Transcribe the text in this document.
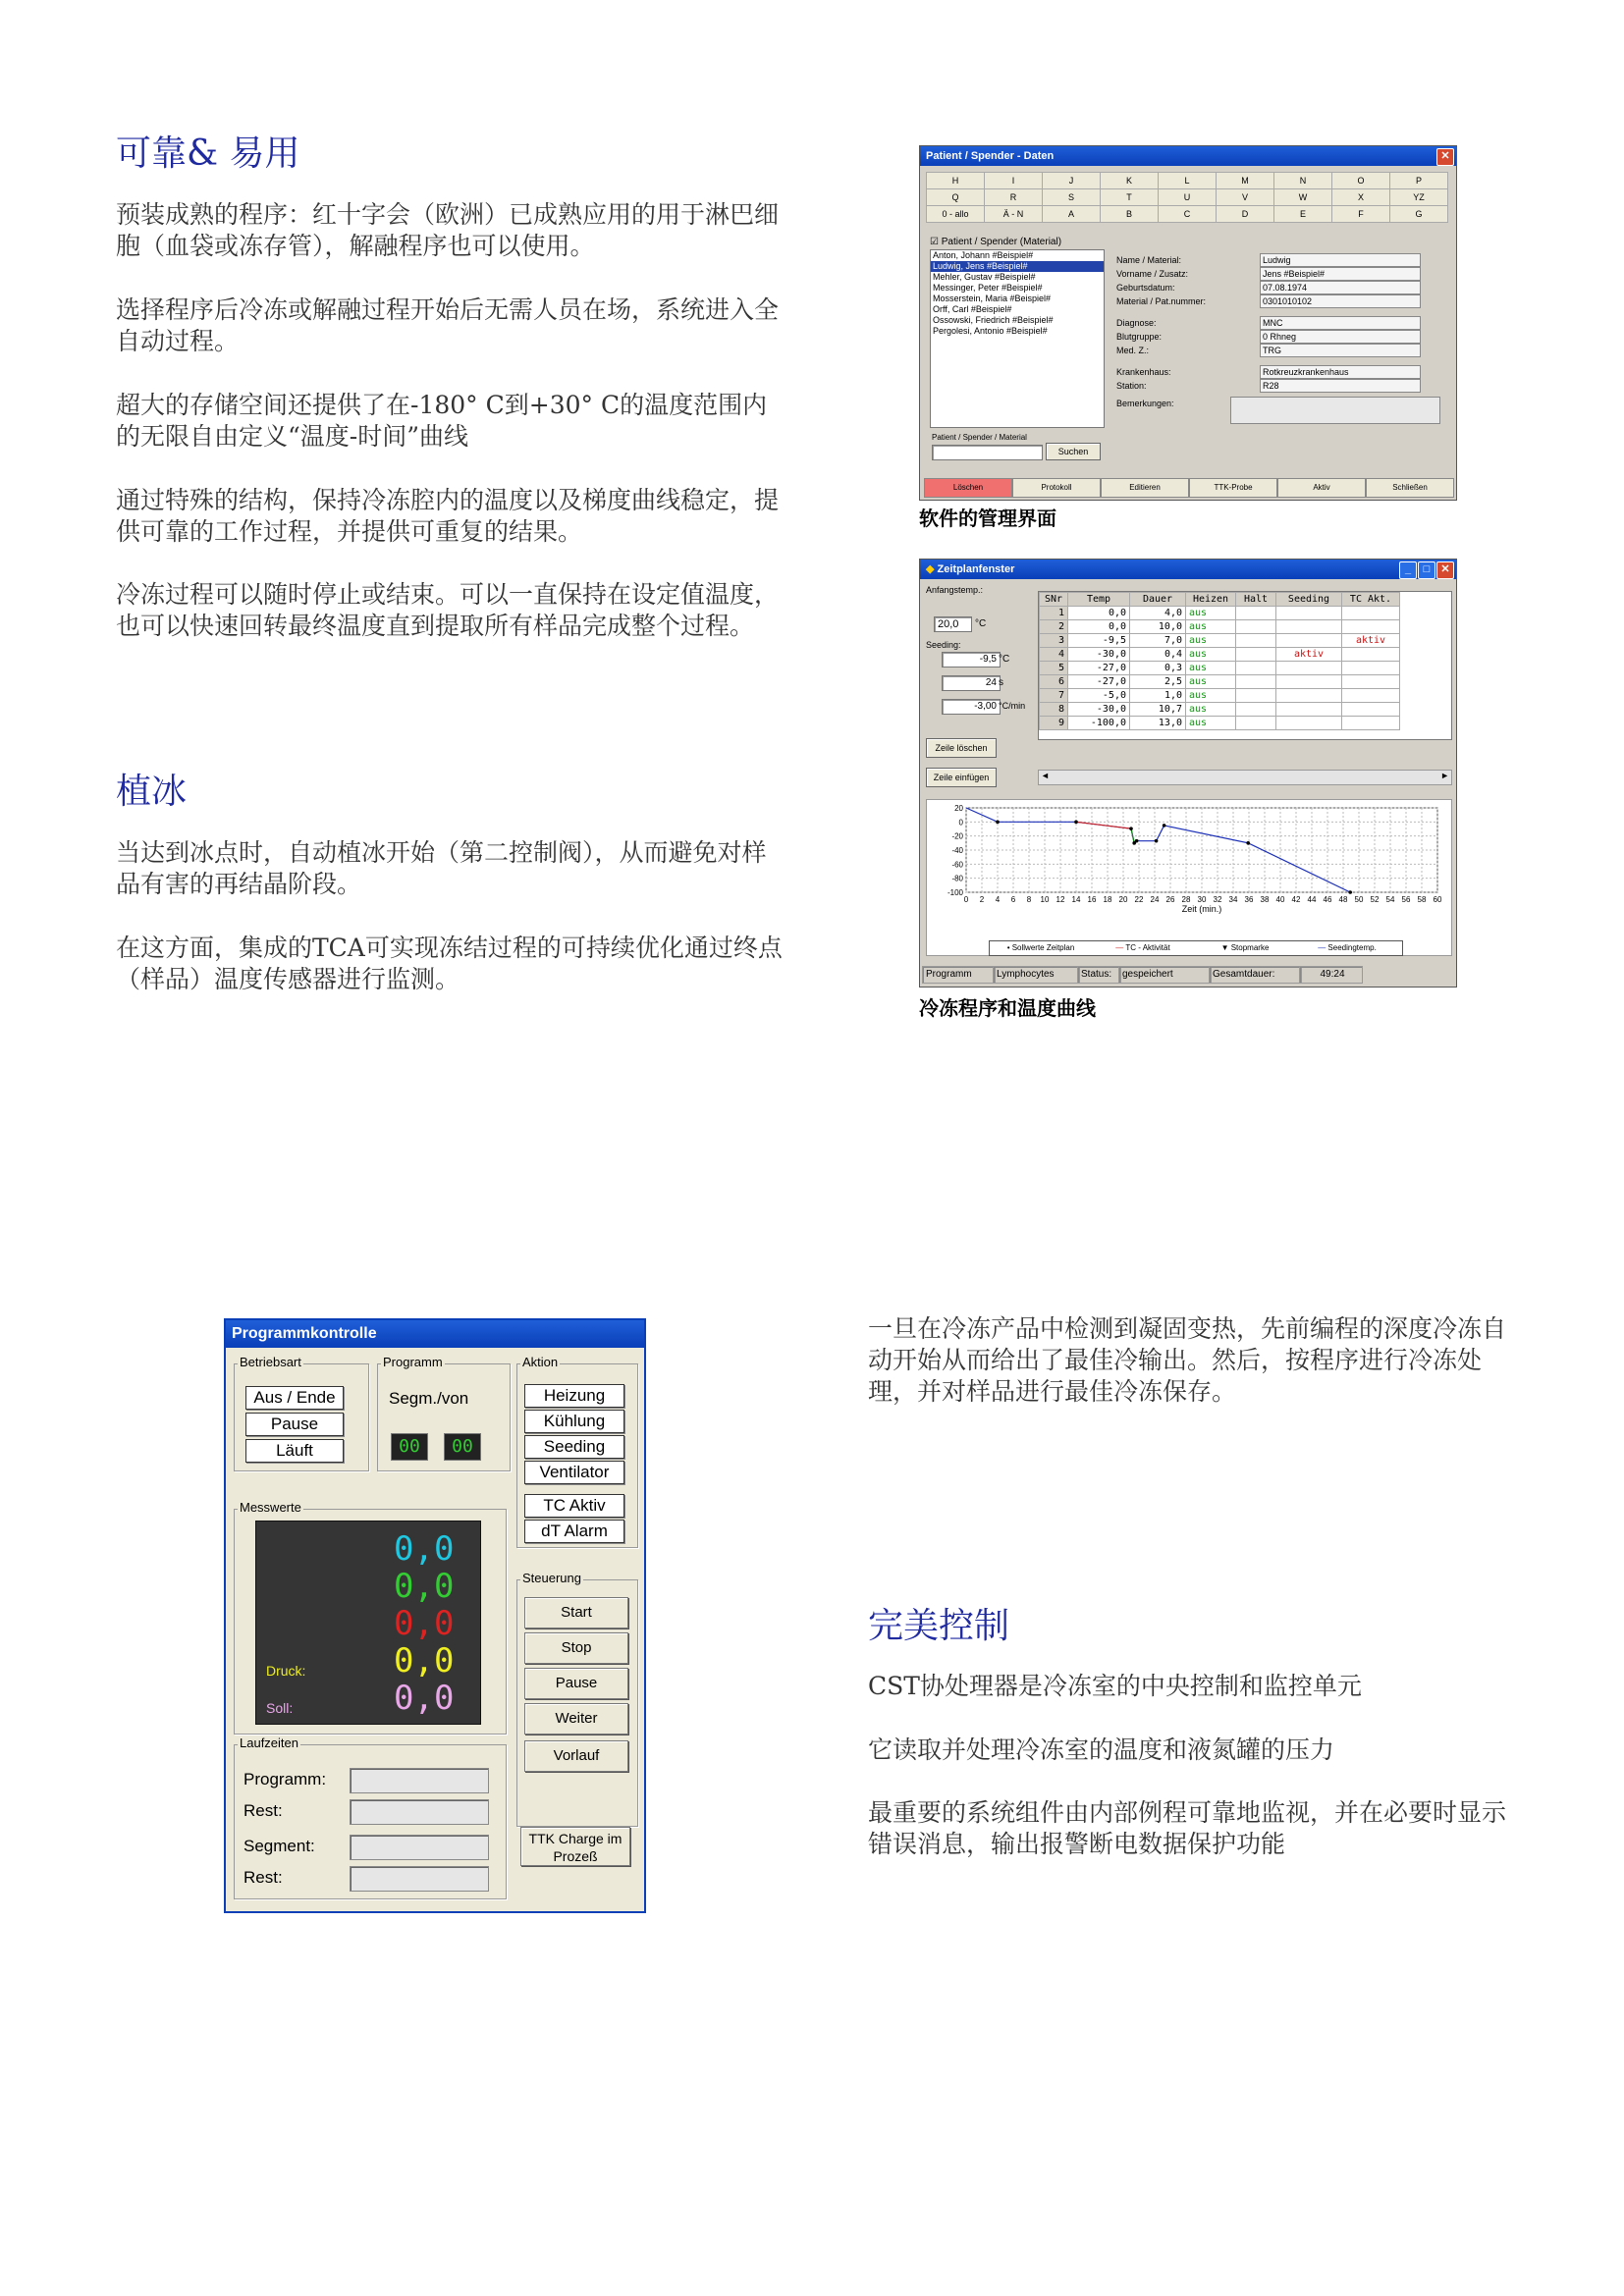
可靠& 易用
预装成熟的程序：红十字会（欧洲）已成熟应用的用于淋巴细胞（血袋或冻存管），解融程序也可以使用。
选择程序后冷冻或解融过程开始后无需人员在场，系统进入全自动过程。
超大的存储空间还提供了在-180° C到+30° C的温度范围内的无限自由定义“温度-时间”曲线
通过特殊的结构，保持冷冻腔内的温度以及梯度曲线稳定，提供可靠的工作过程，并提供可重复的结果。
冷冻过程可以随时停止或结束。可以一直保持在设定值温度，也可以快速回转最终温度直到提取所有样品完成整个过程。
植冰
当达到冰点时，自动植冰开始（第二控制阀），从而避免对样品有害的再结晶阶段。
在这方面，集成的TCA可实现冻结过程的可持续优化通过终点（样品）温度传感器进行监测。
一旦在冷冻产品中检测到凝固变热，先前编程的深度冷冻自动开始从而给出了最佳冷输出。然后，按程序进行冷冻处理，并对样品进行最佳冷冻保存。
完美控制
CST协处理器是冷冻室的中央控制和监控单元
它读取并处理冷冻室的温度和液氮罐的压力
最重要的系统组件由内部例程可靠地监视，并在必要时显示错误消息，输出报警断电数据保护功能
Patient / Spender - Daten	✕
H	I	J	K	L	M	N	O	P
Q	R	S	T	U	V	W	X	YZ
0 - allo	Ä - N	A	B	C	D	E	F	G
☑ Patient / Spender (Material)
Anton, Johann #Beispiel#
Ludwig, Jens #Beispiel#
Mehler, Gustav #Beispiel#
Messinger, Peter #Beispiel#
Mosserstein, Maria #Beispiel#
Orff, Carl #Beispiel#
Ossowski, Friedrich #Beispiel#
Pergolesi, Antonio #Beispiel#
Patient / Spender / Material
Suchen
Name / Material:	Ludwig
Vorname / Zusatz:	Jens #Beispiel#
Geburtsdatum:	07.08.1974
Material / Pat.nummer:	0301010102
Diagnose:	MNC
Blutgruppe:	0 Rhneg
Med. Z.:	TRG
Krankenhaus:	Rotkreuzkrankenhaus
Station:	R28
Bemerkungen:
Löschen	Protokoll	Editieren	TTK-Probe	Aktiv	Schließen
软件的管理界面
◆ Zeitplanfenster	_	□	✕
Anfangstemp.:
20,0	°C
Seeding:
-9,5 °C
24 s
-3,00 °C/min
Zeile löschen
Zeile einfügen
SNr	Temp	Dauer	Heizen	Halt	Seeding	TC Akt.
1	0,0	4,0	aus			
2	0,0	10,0	aus			
3	-9,5	7,0	aus			aktiv
4	-30,0	0,4	aus		aktiv	
5	-27,0	0,3	aus			
6	-27,0	2,5	aus			
7	-5,0	1,0	aus			
8	-30,0	10,7	aus			
9	-100,0	13,0	aus			
◄	►
0 2 4 6 8 10 12 14 16 18 20 22 24 26 28 30 32 34 36 38 40 42 44 46 48 50 52 54 56 58 60
20
0
-20
-40
-60
-80
-100
Zeit (min.)
• Sollwerte Zeitplan	— TC - Aktivität	▼ Stopmarke	— Seedingtemp.
Programm	Lymphocytes	Status:	gespeichert	Gesamtdauer:	49:24
冷冻程序和温度曲线
Programmkontrolle
Betriebsart
Aus / Ende
Pause
Läuft
Programm
Segm./von
00	00
Aktion
Messwerte
0,0
0,0
0,0
0,0
Druck:
0,0
Soll:
Steuerung
TTK Charge im Prozeß
Laufzeiten
Heizung
Kühlung
Seeding
Ventilator
TC Aktiv
dT Alarm
Start
Stop
Pause
Weiter
Vorlauf
Programm:
Rest:
Segment:
Rest:
